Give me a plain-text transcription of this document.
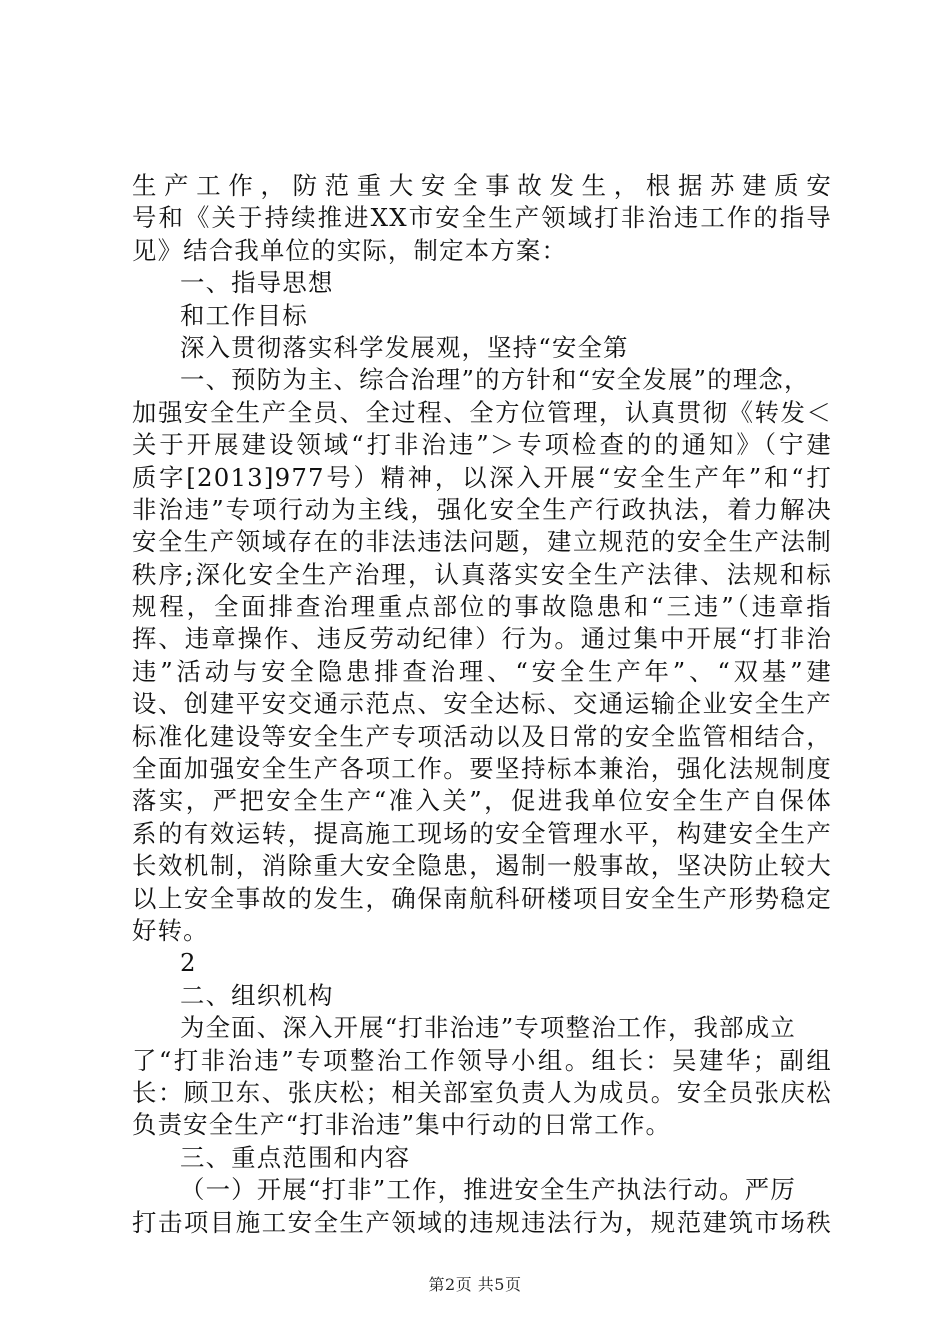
生产工作，防范重大安全事故发生，根据苏建质安
号和《关于持续推进XX市安全生产领域打非治违工作的指导
见》结合我单位的实际，制定本方案：
一、指导思想
和工作目标
深入贯彻落实科学发展观，坚持“安全第
一、预防为主、综合治理”的方针和“安全发展”的理念，
加强安全生产全员、全过程、全方位管理，认真贯彻《转发＜
关于开展建设领域“打非治违”＞专项检查的的通知》（宁建
质字[2013]977号）精神，以深入开展“安全生产年”和“打
非治违”专项行动为主线，强化安全生产行政执法，着力解决
安全生产领域存在的非法违法问题，建立规范的安全生产法制
秩序;深化安全生产治理，认真落实安全生产法律、法规和标
规程，全面排查治理重点部位的事故隐患和“三违”（违章指
挥、违章操作、违反劳动纪律）行为。通过集中开展“打非治
违”活动与安全隐患排查治理、“安全生产年”、“双基”建
设、创建平安交通示范点、安全达标、交通运输企业安全生产
标准化建设等安全生产专项活动以及日常的安全监管相结合，
全面加强安全生产各项工作。要坚持标本兼治，强化法规制度
落实，严把安全生产“准入关”，促进我单位安全生产自保体
系的有效运转，提高施工现场的安全管理水平，构建安全生产
长效机制，消除重大安全隐患，遏制一般事故，坚决防止较大
以上安全事故的发生，确保南航科研楼项目安全生产形势稳定
好转。
2
二、组织机构
为全面、深入开展“打非治违”专项整治工作，我部成立
了“打非治违”专项整治工作领导小组。组长：吴建华；副组
长：顾卫东、张庆松；相关部室负责人为成员。安全员张庆松
负责安全生产“打非治违”集中行动的日常工作。
三、重点范围和内容
（一）开展“打非”工作，推进安全生产执法行动。严厉
打击项目施工安全生产领域的违规违法行为，规范建筑市场秩
第2页 共5页
